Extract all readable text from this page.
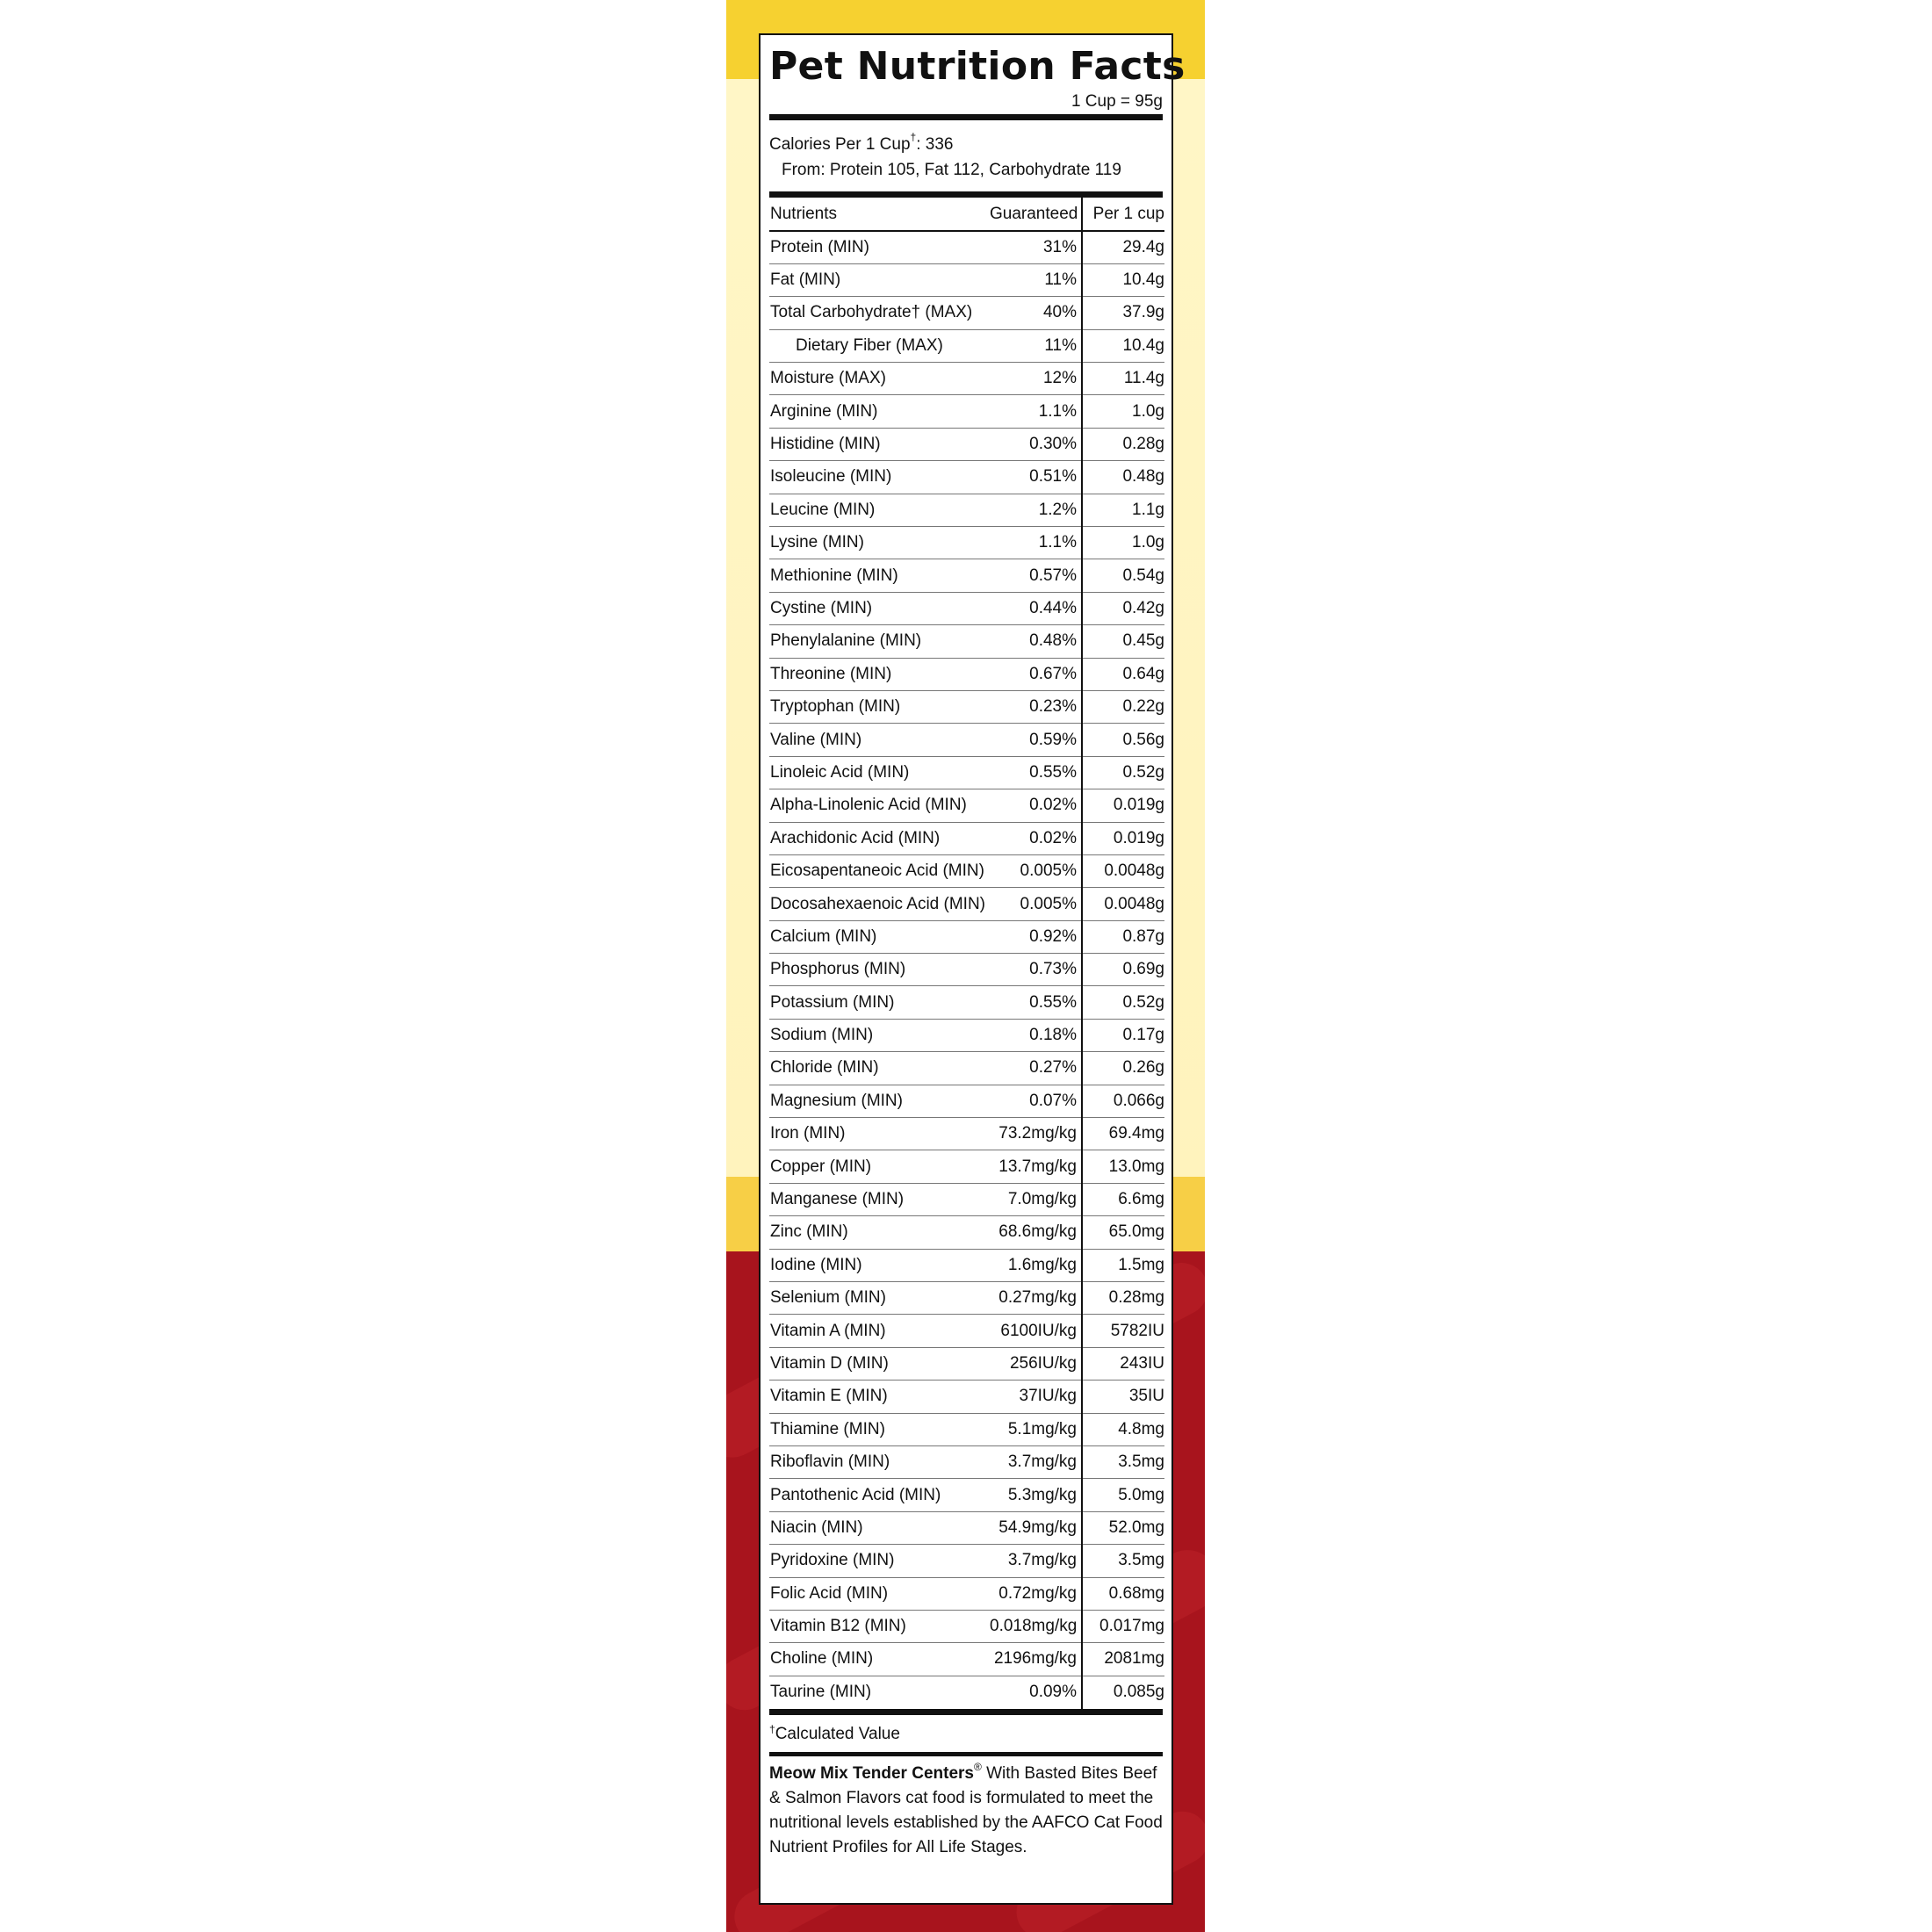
Pet Nutrition Facts
1 Cup = 95g
Calories Per 1 Cup†: 336
From: Protein 105, Fat 112, Carbohydrate 119
Nutrients	Guaranteed	Per 1 cup
Protein (MIN)	31%	29.4g
Fat (MIN)	11%	10.4g
Total Carbohydrate† (MAX)	40%	37.9g
Dietary Fiber (MAX)	11%	10.4g
Moisture (MAX)	12%	11.4g
Arginine (MIN)	1.1%	1.0g
Histidine (MIN)	0.30%	0.28g
Isoleucine (MIN)	0.51%	0.48g
Leucine (MIN)	1.2%	1.1g
Lysine (MIN)	1.1%	1.0g
Methionine (MIN)	0.57%	0.54g
Cystine (MIN)	0.44%	0.42g
Phenylalanine (MIN)	0.48%	0.45g
Threonine (MIN)	0.67%	0.64g
Tryptophan (MIN)	0.23%	0.22g
Valine (MIN)	0.59%	0.56g
Linoleic Acid (MIN)	0.55%	0.52g
Alpha-Linolenic Acid (MIN)	0.02%	0.019g
Arachidonic Acid (MIN)	0.02%	0.019g
Eicosapentaneoic Acid (MIN)	0.005%	0.0048g
Docosahexaenoic Acid (MIN)	0.005%	0.0048g
Calcium (MIN)	0.92%	0.87g
Phosphorus (MIN)	0.73%	0.69g
Potassium (MIN)	0.55%	0.52g
Sodium (MIN)	0.18%	0.17g
Chloride (MIN)	0.27%	0.26g
Magnesium (MIN)	0.07%	0.066g
Iron (MIN)	73.2mg/kg	69.4mg
Copper (MIN)	13.7mg/kg	13.0mg
Manganese (MIN)	7.0mg/kg	6.6mg
Zinc (MIN)	68.6mg/kg	65.0mg
Iodine (MIN)	1.6mg/kg	1.5mg
Selenium (MIN)	0.27mg/kg	0.28mg
Vitamin A (MIN)	6100IU/kg	5782IU
Vitamin D (MIN)	256IU/kg	243IU
Vitamin E (MIN)	37IU/kg	35IU
Thiamine (MIN)	5.1mg/kg	4.8mg
Riboflavin (MIN)	3.7mg/kg	3.5mg
Pantothenic Acid (MIN)	5.3mg/kg	5.0mg
Niacin (MIN)	54.9mg/kg	52.0mg
Pyridoxine (MIN)	3.7mg/kg	3.5mg
Folic Acid (MIN)	0.72mg/kg	0.68mg
Vitamin B12 (MIN)	0.018mg/kg	0.017mg
Choline (MIN)	2196mg/kg	2081mg
Taurine (MIN)	0.09%	0.085g
†Calculated Value
Meow Mix Tender Centers® With Basted Bites Beef & Salmon Flavors cat food is formulated to meet the nutritional levels established by the AAFCO Cat Food Nutrient Profiles for All Life Stages.
